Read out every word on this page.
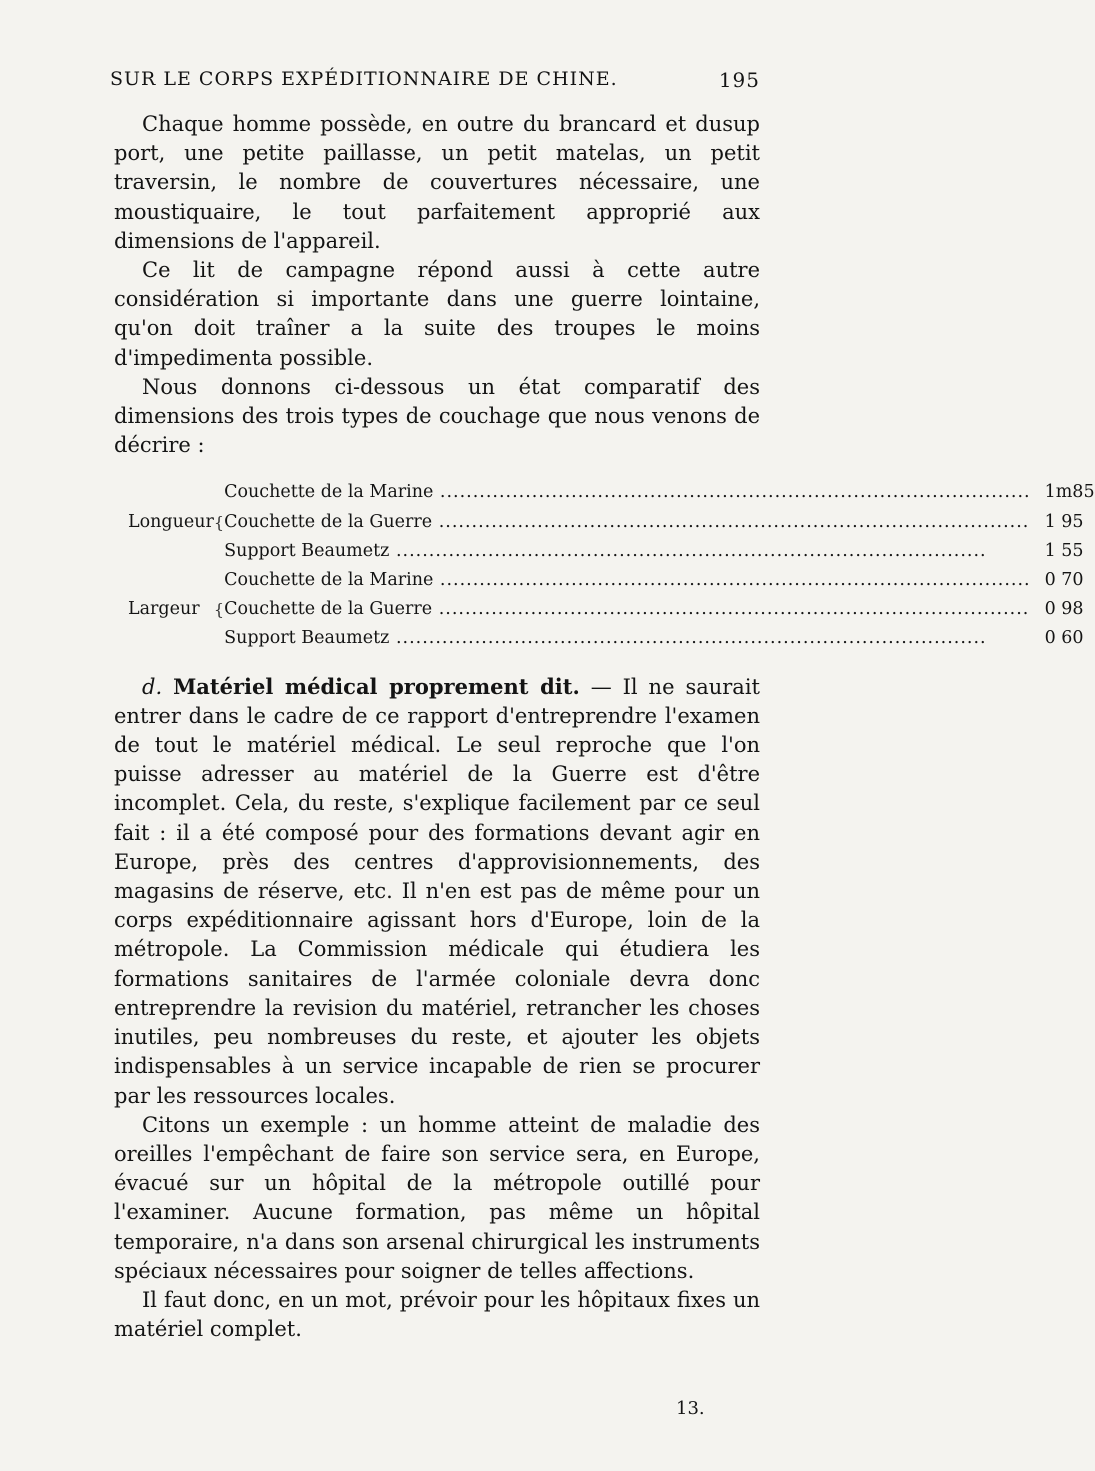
SUR LE CORPS EXPÉDITIONNAIRE DE CHINE.	195

Chaque homme possède, en outre du brancard et dusup port, une petite paillasse, un petit matelas, un petit traversin, le nombre de couvertures nécessaire, une moustiquaire, le tout parfaitement approprié aux dimensions de l'appareil.

Ce lit de campagne répond aussi à cette autre considération si importante dans une guerre lointaine, qu'on doit traîner a la suite des troupes le moins d'impedimenta possible.

Nous donnons ci-dessous un état comparatif des dimensions des trois types de couchage que nous venons de décrire :

Longueur	{	Couchette de la Marine .....	1m85
		Couchette de la Guerre .....	1 95
		Support Beaumetz .....	1 55
Largeur	{	Couchette de la Marine .....	0 70
		Couchette de la Guerre .....	0 98
		Support Beaumetz .....	0 60

d. Matériel médical proprement dit. — Il ne saurait entrer dans le cadre de ce rapport d'entreprendre l'examen de tout le matériel médical. Le seul reproche que l'on puisse adresser au matériel de la Guerre est d'être incomplet. Cela, du reste, s'explique facilement par ce seul fait : il a été composé pour des formations devant agir en Europe, près des centres d'approvisionnements, des magasins de réserve, etc. Il n'en est pas de même pour un corps expéditionnaire agissant hors d'Europe, loin de la métropole. La Commission médicale qui étudiera les formations sanitaires de l'armée coloniale devra donc entreprendre la revision du matériel, retrancher les choses inutiles, peu nombreuses du reste, et ajouter les objets indispensables à un service incapable de rien se procurer par les ressources locales.

Citons un exemple : un homme atteint de maladie des oreilles l'empêchant de faire son service sera, en Europe, évacué sur un hôpital de la métropole outillé pour l'examiner. Aucune formation, pas même un hôpital temporaire, n'a dans son arsenal chirurgical les instruments spéciaux nécessaires pour soigner de telles affections.

Il faut donc, en un mot, prévoir pour les hôpitaux fixes un matériel complet.

13.
